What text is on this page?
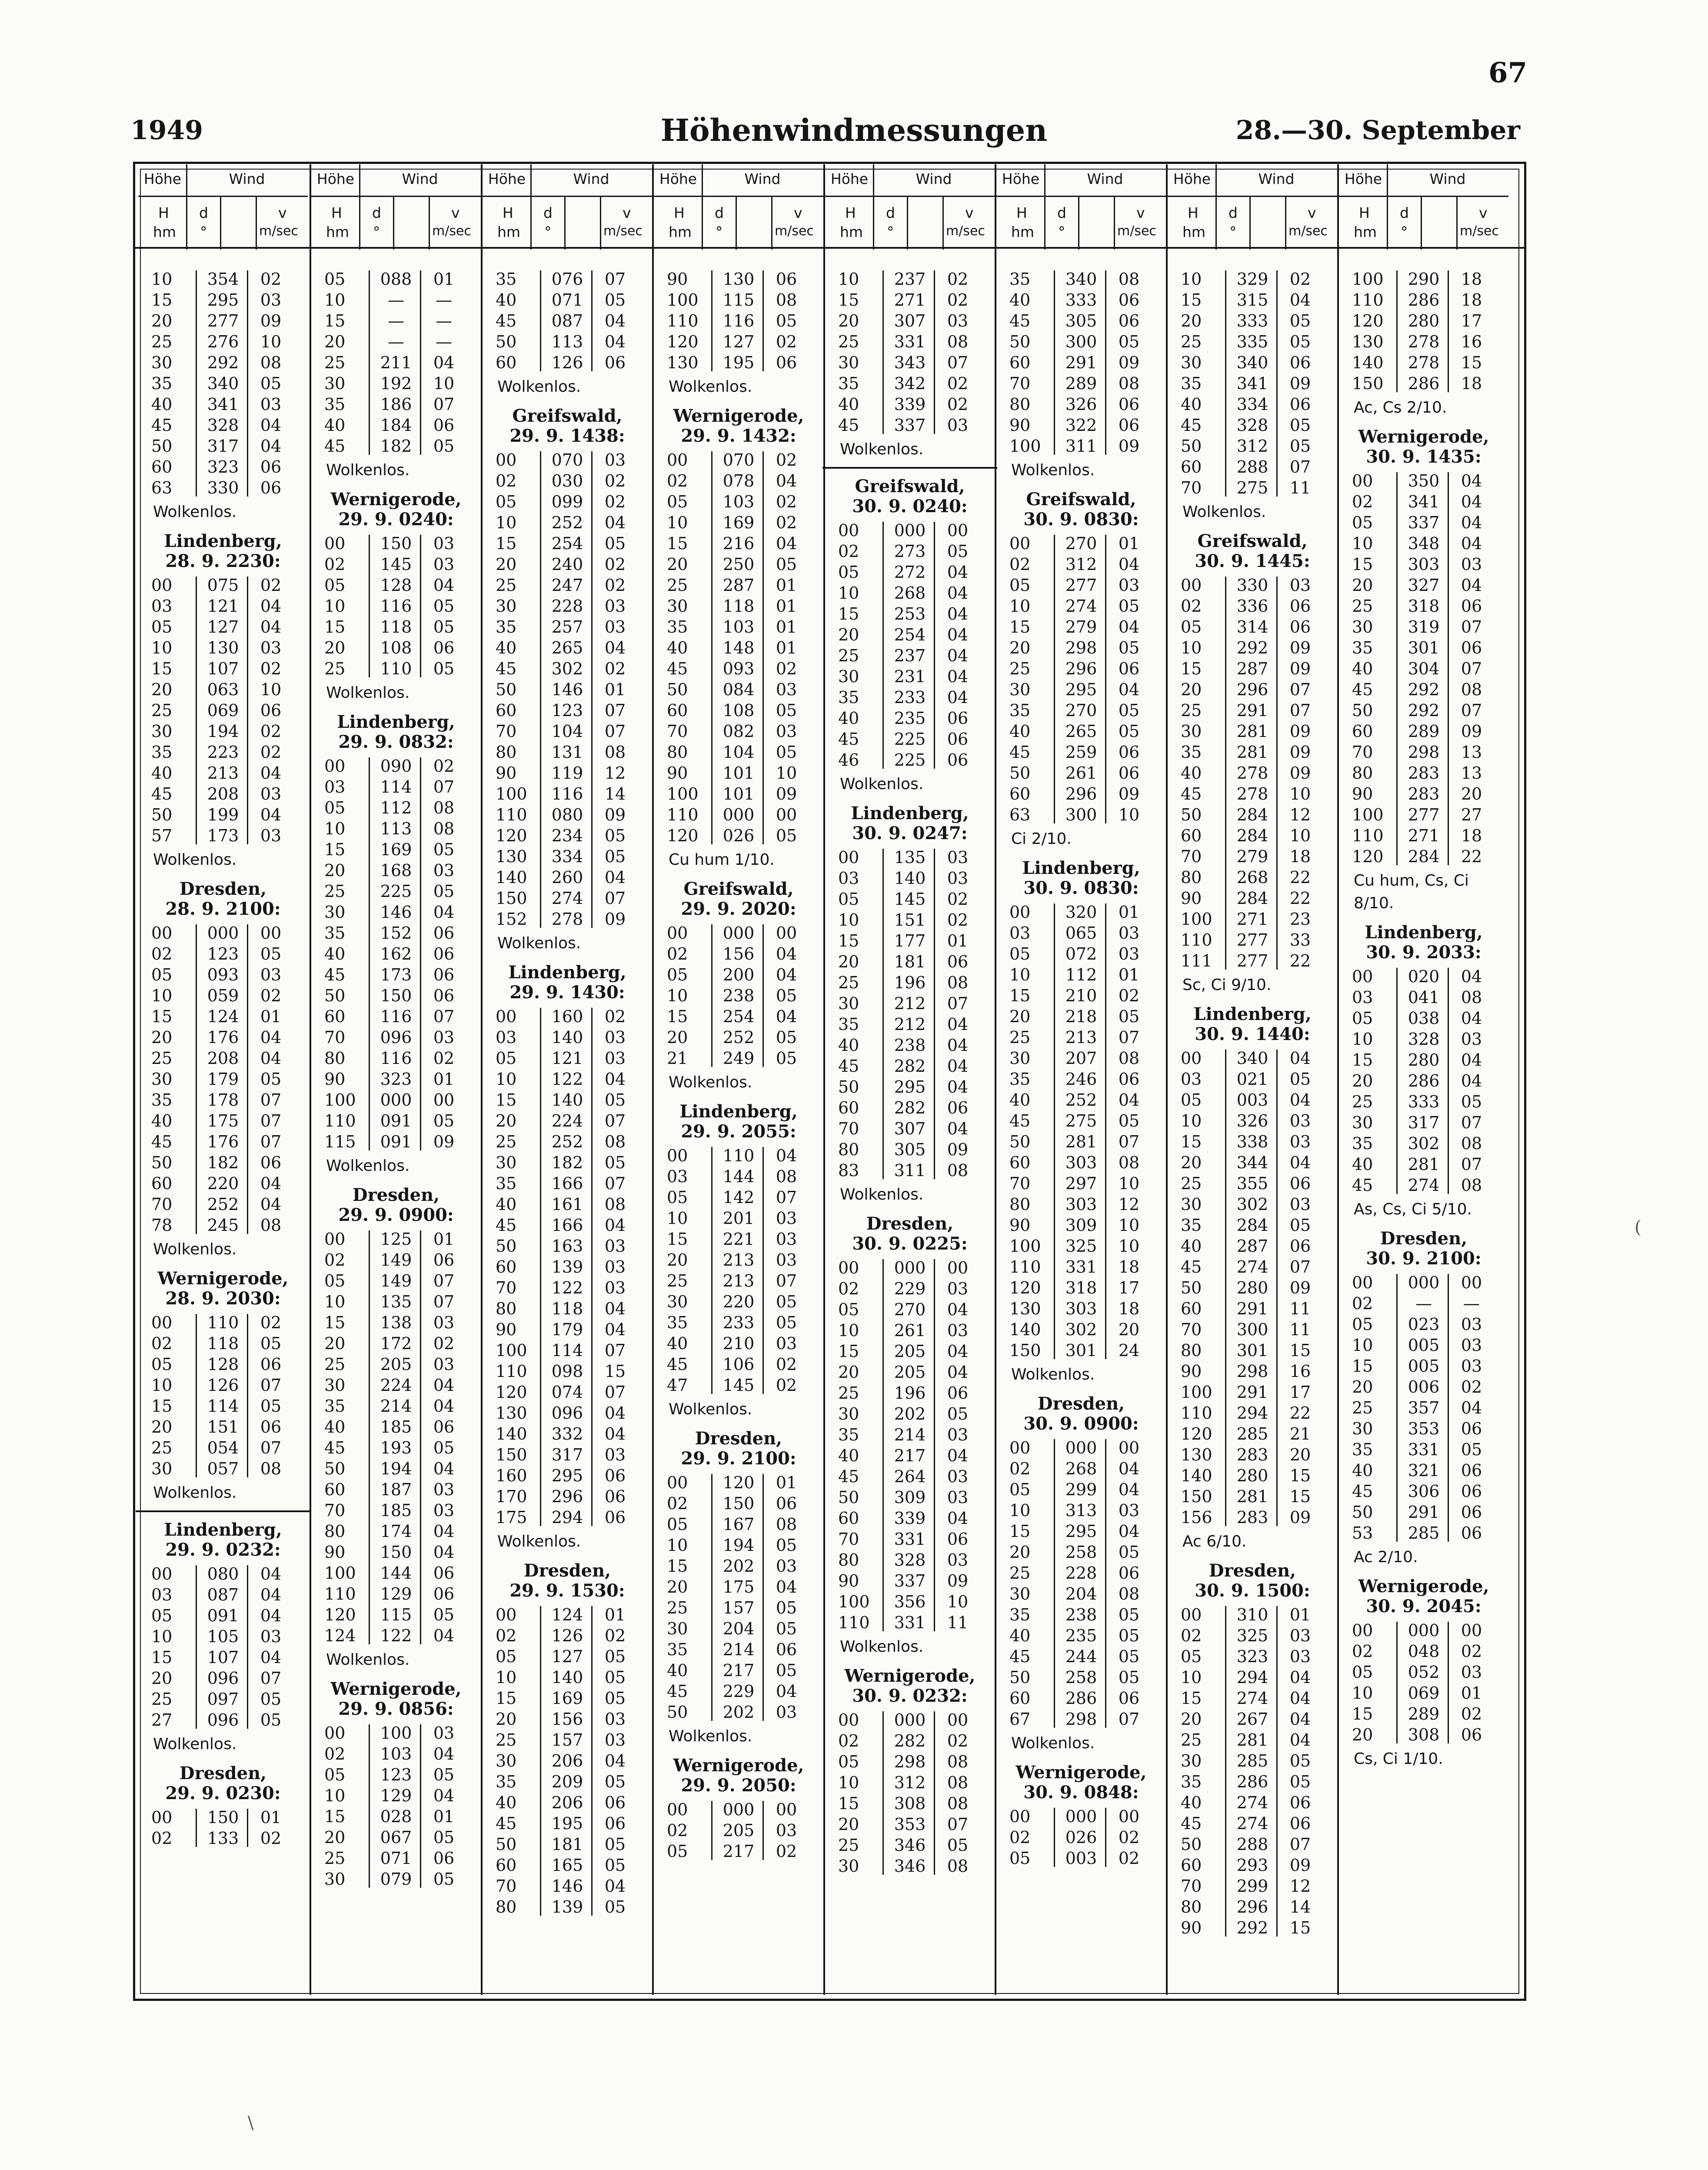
67
1949	Höhenwindmessungen	28.—30. September
Höhe	Wind
H
hm
d
°
v
m/sec
10	354	02
15	295	03
20	277	09
25	276	10
30	292	08
35	340	05
40	341	03
45	328	04
50	317	04
60	323	06
63	330	06
Wolkenlos.
Lindenberg,
28. 9. 2230:
00	075	02
03	121	04
05	127	04
10	130	03
15	107	02
20	063	10
25	069	06
30	194	02
35	223	02
40	213	04
45	208	03
50	199	04
57	173	03
Wolkenlos.
Dresden,
28. 9. 2100:
00	000	00
02	123	05
05	093	03
10	059	02
15	124	01
20	176	04
25	208	04
30	179	05
35	178	07
40	175	07
45	176	07
50	182	06
60	220	04
70	252	04
78	245	08
Wolkenlos.
Wernigerode,
28. 9. 2030:
00	110	02
02	118	05
05	128	06
10	126	07
15	114	05
20	151	06
25	054	07
30	057	08
Wolkenlos.
Lindenberg,
29. 9. 0232:
00	080	04
03	087	04
05	091	04
10	105	03
15	107	04
20	096	07
25	097	05
27	096	05
Wolkenlos.
Dresden,
29. 9. 0230:
00	150	01
02	133	02
Höhe	Wind
H
hm
d
°
v
m/sec
05	088	01
10	—	—
15	—	—
20	—	—
25	211	04
30	192	10
35	186	07
40	184	06
45	182	05
Wolkenlos.
Wernigerode,
29. 9. 0240:
00	150	03
02	145	03
05	128	04
10	116	05
15	118	05
20	108	06
25	110	05
Wolkenlos.
Lindenberg,
29. 9. 0832:
00	090	02
03	114	07
05	112	08
10	113	08
15	169	05
20	168	03
25	225	05
30	146	04
35	152	06
40	162	06
45	173	06
50	150	06
60	116	07
70	096	03
80	116	02
90	323	01
100	000	00
110	091	05
115	091	09
Wolkenlos.
Dresden,
29. 9. 0900:
00	125	01
02	149	06
05	149	07
10	135	07
15	138	03
20	172	02
25	205	03
30	224	04
35	214	04
40	185	06
45	193	05
50	194	04
60	187	03
70	185	03
80	174	04
90	150	04
100	144	06
110	129	06
120	115	05
124	122	04
Wolkenlos.
Wernigerode,
29. 9. 0856:
00	100	03
02	103	04
05	123	05
10	129	04
15	028	01
20	067	05
25	071	06
30	079	05
Höhe	Wind
H
hm
d
°
v
m/sec
35	076	07
40	071	05
45	087	04
50	113	04
60	126	06
Wolkenlos.
Greifswald,
29. 9. 1438:
00	070	03
02	030	02
05	099	02
10	252	04
15	254	05
20	240	02
25	247	02
30	228	03
35	257	03
40	265	04
45	302	02
50	146	01
60	123	07
70	104	07
80	131	08
90	119	12
100	116	14
110	080	09
120	234	05
130	334	05
140	260	04
150	274	07
152	278	09
Wolkenlos.
Lindenberg,
29. 9. 1430:
00	160	02
03	140	03
05	121	03
10	122	04
15	140	05
20	224	07
25	252	08
30	182	05
35	166	07
40	161	08
45	166	04
50	163	03
60	139	03
70	122	03
80	118	04
90	179	04
100	114	07
110	098	15
120	074	07
130	096	04
140	332	04
150	317	03
160	295	06
170	296	06
175	294	06
Wolkenlos.
Dresden,
29. 9. 1530:
00	124	01
02	126	02
05	127	05
10	140	05
15	169	05
20	156	03
25	157	03
30	206	04
35	209	05
40	206	06
45	195	06
50	181	05
60	165	05
70	146	04
80	139	05
Höhe	Wind
H
hm
d
°
v
m/sec
90	130	06
100	115	08
110	116	05
120	127	02
130	195	06
Wolkenlos.
Wernigerode,
29. 9. 1432:
00	070	02
02	078	04
05	103	02
10	169	02
15	216	04
20	250	05
25	287	01
30	118	01
35	103	01
40	148	01
45	093	02
50	084	03
60	108	05
70	082	03
80	104	05
90	101	10
100	101	09
110	000	00
120	026	05
Cu hum 1/10.
Greifswald,
29. 9. 2020:
00	000	00
02	156	04
05	200	04
10	238	05
15	254	04
20	252	05
21	249	05
Wolkenlos.
Lindenberg,
29. 9. 2055:
00	110	04
03	144	08
05	142	07
10	201	03
15	221	03
20	213	03
25	213	07
30	220	05
35	233	05
40	210	03
45	106	02
47	145	02
Wolkenlos.
Dresden,
29. 9. 2100:
00	120	01
02	150	06
05	167	08
10	194	05
15	202	03
20	175	04
25	157	05
30	204	05
35	214	06
40	217	05
45	229	04
50	202	03
Wolkenlos.
Wernigerode,
29. 9. 2050:
00	000	00
02	205	03
05	217	02
Höhe	Wind
H
hm
d
°
v
m/sec
10	237	02
15	271	02
20	307	03
25	331	08
30	343	07
35	342	02
40	339	02
45	337	03
Wolkenlos.
Greifswald,
30. 9. 0240:
00	000	00
02	273	05
05	272	04
10	268	04
15	253	04
20	254	04
25	237	04
30	231	04
35	233	04
40	235	06
45	225	06
46	225	06
Wolkenlos.
Lindenberg,
30. 9. 0247:
00	135	03
03	140	03
05	145	02
10	151	02
15	177	01
20	181	06
25	196	08
30	212	07
35	212	04
40	238	04
45	282	04
50	295	04
60	282	06
70	307	04
80	305	09
83	311	08
Wolkenlos.
Dresden,
30. 9. 0225:
00	000	00
02	229	03
05	270	04
10	261	03
15	205	04
20	205	04
25	196	06
30	202	05
35	214	03
40	217	04
45	264	03
50	309	03
60	339	04
70	331	06
80	328	03
90	337	09
100	356	10
110	331	11
Wolkenlos.
Wernigerode,
30. 9. 0232:
00	000	00
02	282	02
05	298	08
10	312	08
15	308	08
20	353	07
25	346	05
30	346	08
Höhe	Wind
H
hm
d
°
v
m/sec
35	340	08
40	333	06
45	305	06
50	300	05
60	291	09
70	289	08
80	326	06
90	322	06
100	311	09
Wolkenlos.
Greifswald,
30. 9. 0830:
00	270	01
02	312	04
05	277	03
10	274	05
15	279	04
20	298	05
25	296	06
30	295	04
35	270	05
40	265	05
45	259	06
50	261	06
60	296	09
63	300	10
Ci 2/10.
Lindenberg,
30. 9. 0830:
00	320	01
03	065	03
05	072	03
10	112	01
15	210	02
20	218	05
25	213	07
30	207	08
35	246	06
40	252	04
45	275	05
50	281	07
60	303	08
70	297	10
80	303	12
90	309	10
100	325	10
110	331	18
120	318	17
130	303	18
140	302	20
150	301	24
Wolkenlos.
Dresden,
30. 9. 0900:
00	000	00
02	268	04
05	299	04
10	313	03
15	295	04
20	258	05
25	228	06
30	204	08
35	238	05
40	235	05
45	244	05
50	258	05
60	286	06
67	298	07
Wolkenlos.
Wernigerode,
30. 9. 0848:
00	000	00
02	026	02
05	003	02
Höhe	Wind
H
hm
d
°
v
m/sec
10	329	02
15	315	04
20	333	05
25	335	05
30	340	06
35	341	09
40	334	06
45	328	05
50	312	05
60	288	07
70	275	11
Wolkenlos.
Greifswald,
30. 9. 1445:
00	330	03
02	336	06
05	314	06
10	292	09
15	287	09
20	296	07
25	291	07
30	281	09
35	281	09
40	278	09
45	278	10
50	284	12
60	284	10
70	279	18
80	268	22
90	284	22
100	271	23
110	277	33
111	277	22
Sc, Ci 9/10.
Lindenberg,
30. 9. 1440:
00	340	04
03	021	05
05	003	04
10	326	03
15	338	03
20	344	04
25	355	06
30	302	03
35	284	05
40	287	06
45	274	07
50	280	09
60	291	11
70	300	11
80	301	15
90	298	16
100	291	17
110	294	22
120	285	21
130	283	20
140	280	15
150	281	15
156	283	09
Ac 6/10.
Dresden,
30. 9. 1500:
00	310	01
02	325	03
05	323	03
10	294	04
15	274	04
20	267	04
25	281	04
30	285	05
35	286	05
40	274	06
45	274	06
50	288	07
60	293	09
70	299	12
80	296	14
90	292	15
Höhe	Wind
H
hm
d
°
v
m/sec
100	290	18
110	286	18
120	280	17
130	278	16
140	278	15
150	286	18
Ac, Cs 2/10.
Wernigerode,
30. 9. 1435:
00	350	04
02	341	04
05	337	04
10	348	04
15	303	03
20	327	04
25	318	06
30	319	07
35	301	06
40	304	07
45	292	08
50	292	07
60	289	09
70	298	13
80	283	13
90	283	20
100	277	27
110	271	18
120	284	22
Cu hum, Cs, Ci 8/10.
Lindenberg,
30. 9. 2033:
00	020	04
03	041	08
05	038	04
10	328	03
15	280	04
20	286	04
25	333	05
30	317	07
35	302	08
40	281	07
45	274	08
As, Cs, Ci 5/10.
Dresden,
30. 9. 2100:
00	000	00
02	—	—
05	023	03
10	005	03
15	005	03
20	006	02
25	357	04
30	353	06
35	331	05
40	321	06
45	306	06
50	291	06
53	285	06
Ac 2/10.
Wernigerode,
30. 9. 2045:
00	000	00
02	048	02
05	052	03
10	069	01
15	289	02
20	308	06
Cs, Ci 1/10.
(
\
